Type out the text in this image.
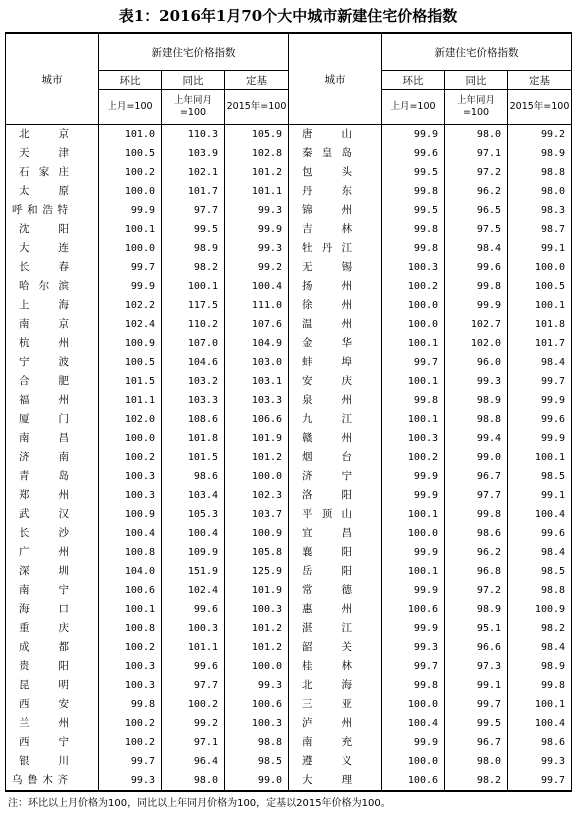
表1：2016年1月70个大中城市新建住宅价格指数
城市	新建住宅价格指数			城市	新建住宅价格指数		
	环比	同比	定基		环比	同比	定基
	上月=100	上年同月=100	2015年=100		上月=100	上年同月=100	2015年=100
北京	101.0	110.3	105.9	唐山	99.9	98.0	99.2
天津	100.5	103.9	102.8	秦皇岛	99.6	97.1	98.9
石家庄	100.2	102.1	101.2	包头	99.5	97.2	98.8
太原	100.0	101.7	101.1	丹东	99.8	96.2	98.0
呼和浩特	99.9	97.7	99.3	锦州	99.5	96.5	98.3
沈阳	100.1	99.5	99.9	吉林	99.8	97.5	98.7
大连	100.0	98.9	99.3	牡丹江	99.8	98.4	99.1
长春	99.7	98.2	99.2	无锡	100.3	99.6	100.0
哈尔滨	99.9	100.1	100.4	扬州	100.2	99.8	100.5
上海	102.2	117.5	111.0	徐州	100.0	99.9	100.1
南京	102.4	110.2	107.6	温州	100.0	102.7	101.8
杭州	100.9	107.0	104.9	金华	100.1	102.0	101.7
宁波	100.5	104.6	103.0	蚌埠	99.7	96.0	98.4
合肥	101.5	103.2	103.1	安庆	100.1	99.3	99.7
福州	101.1	103.3	103.3	泉州	99.8	98.9	99.9
厦门	102.0	108.6	106.6	九江	100.1	98.8	99.6
南昌	100.0	101.8	101.9	赣州	100.3	99.4	99.9
济南	100.2	101.5	101.2	烟台	100.2	99.0	100.1
青岛	100.3	98.6	100.0	济宁	99.9	96.7	98.5
郑州	100.3	103.4	102.3	洛阳	99.9	97.7	99.1
武汉	100.9	105.3	103.7	平顶山	100.1	99.8	100.4
长沙	100.4	100.4	100.9	宜昌	100.0	98.6	99.6
广州	100.8	109.9	105.8	襄阳	99.9	96.2	98.4
深圳	104.0	151.9	125.9	岳阳	100.1	96.8	98.5
南宁	100.6	102.4	101.9	常德	99.9	97.2	98.8
海口	100.1	99.6	100.3	惠州	100.6	98.9	100.9
重庆	100.8	100.3	101.2	湛江	99.9	95.1	98.2
成都	100.2	101.1	101.2	韶关	99.3	96.6	98.4
贵阳	100.3	99.6	100.0	桂林	99.7	97.3	98.9
昆明	100.3	97.7	99.3	北海	99.8	99.1	99.8
西安	99.8	100.2	100.6	三亚	100.0	99.7	100.1
兰州	100.2	99.2	100.3	泸州	100.4	99.5	100.4
西宁	100.2	97.1	98.8	南充	99.9	96.7	98.6
银川	99.7	96.4	98.5	遵义	100.0	98.0	99.3
乌鲁木齐	99.3	98.0	99.0	大理	100.6	98.2	99.7
注：环比以上月价格为100，同比以上年同月价格为100，定基以2015年价格为100。
